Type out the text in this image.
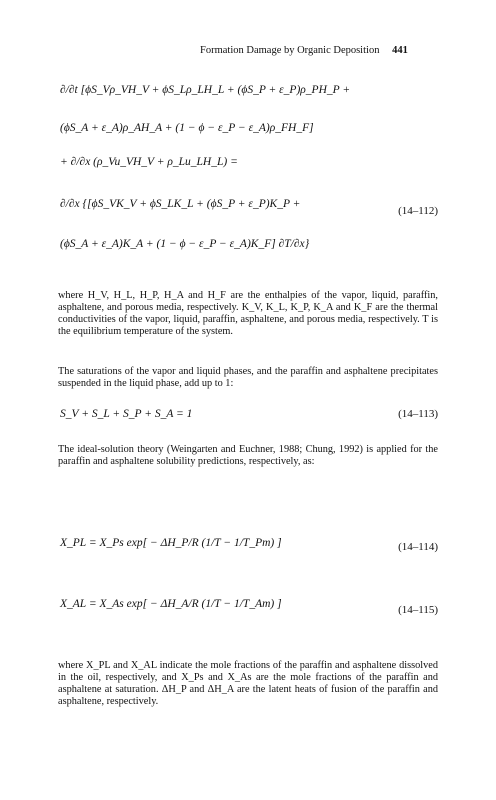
Formation Damage by Organic Deposition 441
∂/∂t [ϕS_Vρ_VH_V + ϕS_Lρ_LH_L + (ϕS_P + ε_P)ρ_PH_P +
(ϕS_A + ε_A)ρ_AH_A + (1 − ϕ − ε_P − ε_A)ρ_FH_F]
+ ∂/∂x (ρ_Vu_VH_V + ρ_Lu_LH_L) =
∂/∂x {[ϕS_VK_V + ϕS_LK_L + (ϕS_P + ε_P)K_P +
(14–112)
(ϕS_A + ε_A)K_A + (1 − ϕ − ε_P − ε_A)K_F] ∂T/∂x}
where H_V, H_L, H_P, H_A and H_F are the enthalpies of the vapor, liquid, paraffin, asphaltene, and porous media, respectively. K_V, K_L, K_P, K_A and K_F are the thermal conductivities of the vapor, liquid, paraffin, asphaltene, and porous media, respectively. T is the equilibrium temperature of the system.
The saturations of the vapor and liquid phases, and the paraffin and asphaltene precipitates suspended in the liquid phase, add up to 1:
S_V + S_L + S_P + S_A = 1	(14–113)
The ideal-solution theory (Weingarten and Euchner, 1988; Chung, 1992) is applied for the paraffin and asphaltene solubility predictions, respectively, as:
X_PL = X_Ps exp[ − ΔH_P/R (1/T − 1/T_Pm) ]	(14–114)
X_AL = X_As exp[ − ΔH_A/R (1/T − 1/T_Am) ]	(14–115)
where X_PL and X_AL indicate the mole fractions of the paraffin and asphaltene dissolved in the oil, respectively, and X_Ps and X_As are the mole fractions of the paraffin and asphaltene at saturation. ΔH_P and ΔH_A are the latent heats of fusion of the paraffin and asphaltene, respectively.
